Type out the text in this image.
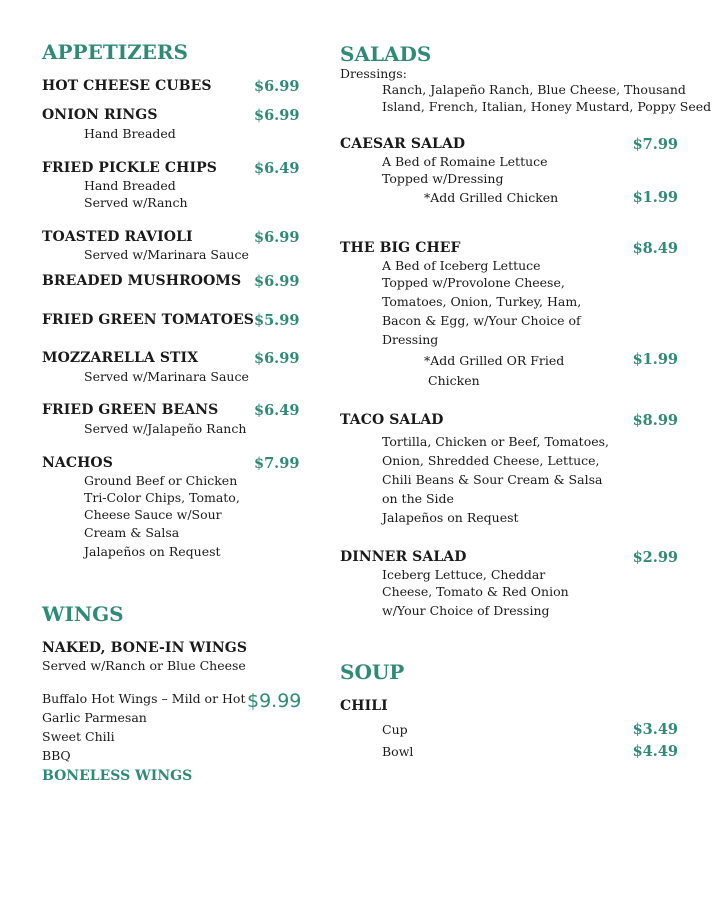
APPETIZERS
HOT CHEESE CUBES	$6.99
ONION RINGS	$6.99
Hand Breaded
FRIED PICKLE CHIPS	$6.49
Hand Breaded
Served w/Ranch
TOASTED RAVIOLI	$6.99
Served w/Marinara Sauce
BREADED MUSHROOMS $6.99
FRIED GREEN TOMATOES $5.99
MOZZARELLA STIX	$6.99
Served w/Marinara Sauce
FRIED GREEN BEANS $6.49
Served w/Jalapeño Ranch
NACHOS	$7.99
Ground Beef or Chicken
Tri-Color Chips, Tomato,
Cheese Sauce w/Sour
Cream & Salsa
Jalapeños on Request
WINGS
NAKED, BONE-IN WINGS
Served w/Ranch or Blue Cheese
Buffalo Hot Wings – Mild or Hot $9.99
Garlic Parmesan
Sweet Chili
BBQ
BONELESS WINGS
SALADS
Dressings:
Ranch, Jalapeño Ranch, Blue Cheese, Thousand
Island, French, Italian, Honey Mustard, Poppy Seed
CAESAR SALAD	$7.99
A Bed of Romaine Lettuce
Topped w/Dressing
*Add Grilled Chicken	$1.99
THE BIG CHEF	$8.49
A Bed of Iceberg Lettuce
Topped w/Provolone Cheese,
Tomatoes, Onion, Turkey, Ham,
Bacon & Egg, w/Your Choice of
Dressing
*Add Grilled OR Fried	$1.99
Chicken
TACO SALAD	$8.99
Tortilla, Chicken or Beef, Tomatoes,
Onion, Shredded Cheese, Lettuce,
Chili Beans & Sour Cream & Salsa
on the Side
Jalapeños on Request
DINNER SALAD	$2.99
Iceberg Lettuce, Cheddar
Cheese, Tomato & Red Onion
w/Your Choice of Dressing
SOUP
CHILI
Cup	$3.49
Bowl	$4.49
